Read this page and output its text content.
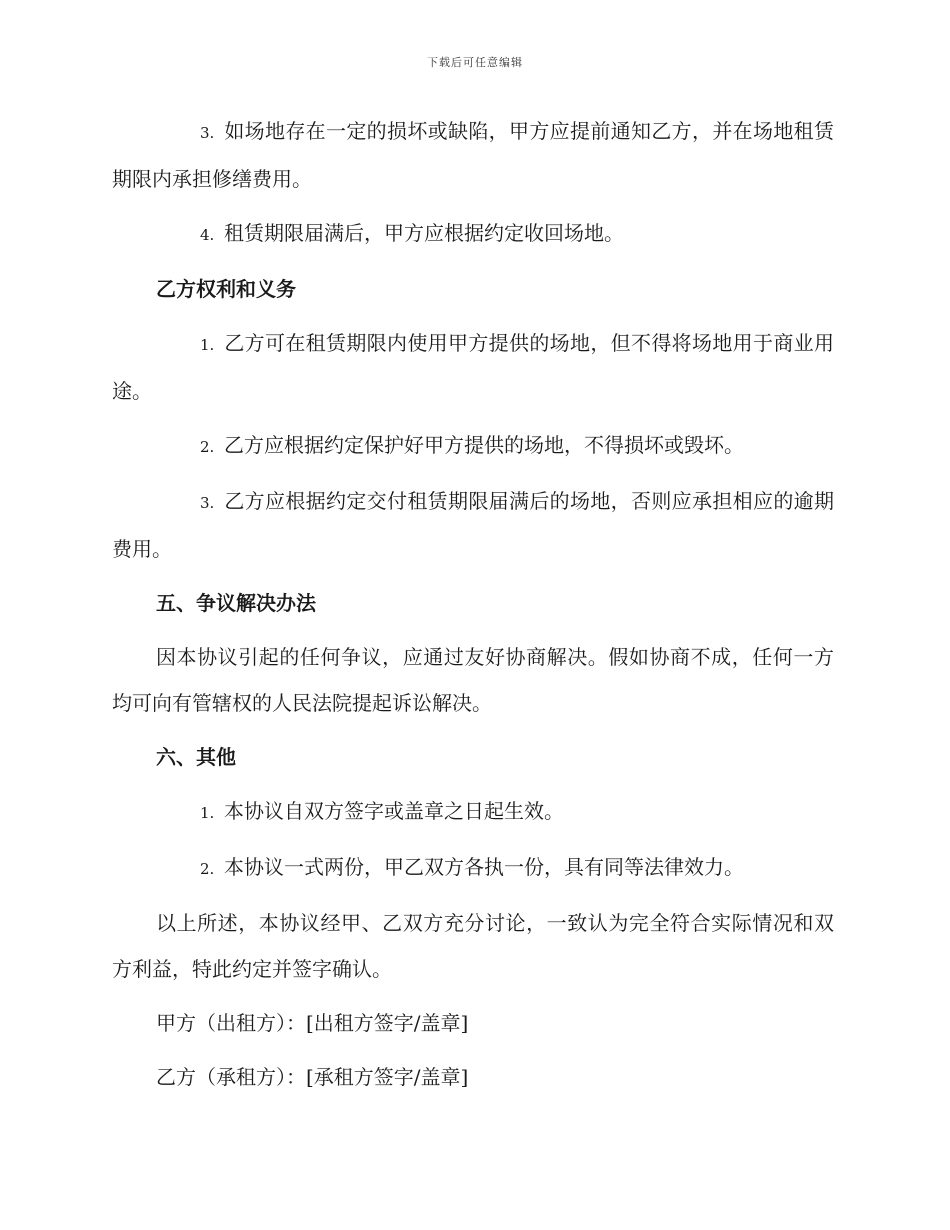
下载后可任意编辑

3. 如场地存在一定的损坏或缺陷，甲方应提前通知乙方，并在场地租赁期限内承担修缮费用。

4. 租赁期限届满后，甲方应根据约定收回场地。

乙方权利和义务

1. 乙方可在租赁期限内使用甲方提供的场地，但不得将场地用于商业用途。

2. 乙方应根据约定保护好甲方提供的场地，不得损坏或毁坏。

3. 乙方应根据约定交付租赁期限届满后的场地，否则应承担相应的逾期费用。

五、争议解决办法

因本协议引起的任何争议，应通过友好协商解决。假如协商不成，任何一方均可向有管辖权的人民法院提起诉讼解决。

六、其他

1. 本协议自双方签字或盖章之日起生效。

2. 本协议一式两份，甲乙双方各执一份，具有同等法律效力。

以上所述，本协议经甲、乙双方充分讨论，一致认为完全符合实际情况和双方利益，特此约定并签字确认。

甲方（出租方）：[出租方签字/盖章]

乙方（承租方）：[承租方签字/盖章]
